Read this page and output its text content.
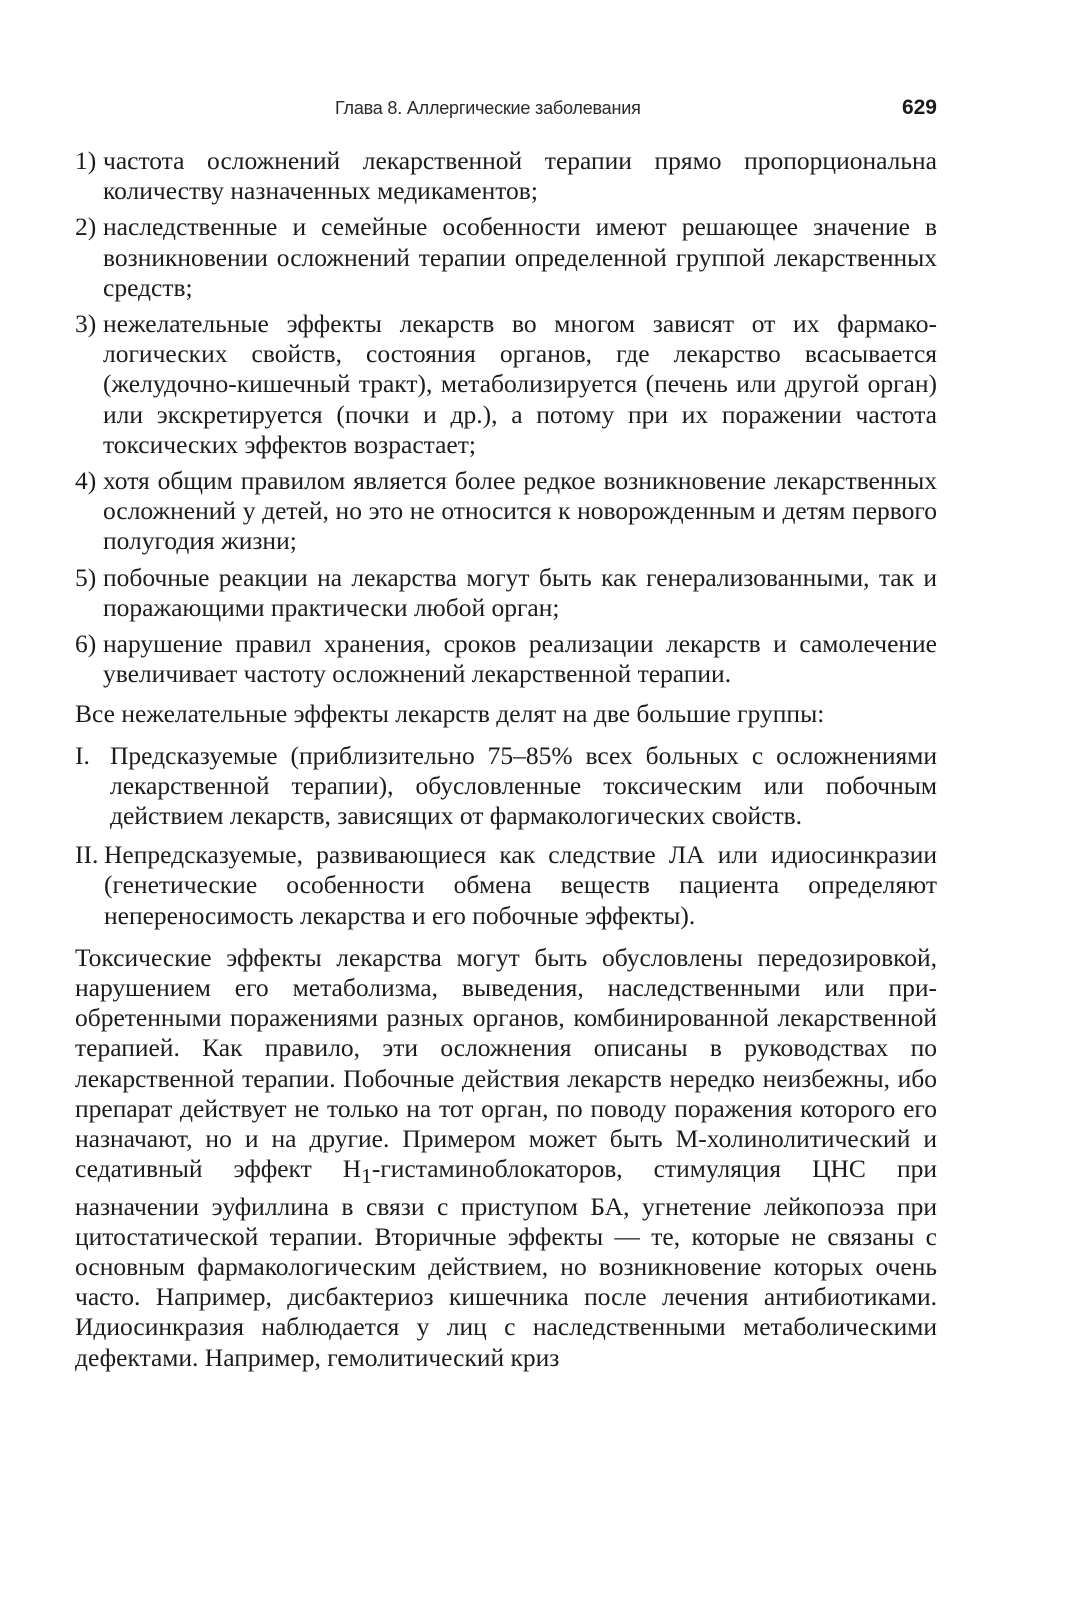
Глава 8. Аллергические заболевания	629
1) частота осложнений лекарственной терапии прямо пропорциональна количеству назначенных медикаментов;
2) наследственные и семейные особенности имеют решающее значение в возникновении осложнений терапии определенной группой лекарственных средств;
3) нежелательные эффекты лекарств во многом зависят от их фармакологических свойств, состояния органов, где лекарство всасывается (желудочно-кишечный тракт), метаболизируется (печень или другой орган) или экскретируется (почки и др.), а потому при их поражении частота токсических эффектов возрастает;
4) хотя общим правилом является более редкое возникновение лекарственных осложнений у детей, но это не относится к новорожденным и детям первого полугодия жизни;
5) побочные реакции на лекарства могут быть как генерализованными, так и поражающими практически любой орган;
6) нарушение правил хранения, сроков реализации лекарств и самолечение увеличивает частоту осложнений лекарственной терапии.

Все нежелательные эффекты лекарств делят на две большие группы:

I. Предсказуемые (приблизительно 75–85% всех больных с осложнениями лекарственной терапии), обусловленные токсическим или побочным действием лекарств, зависящих от фармакологических свойств.
II. Непредсказуемые, развивающиеся как следствие ЛА или идиосинкразии (генетические особенности обмена веществ пациента определяют непереносимость лекарства и его побочные эффекты).

Токсические эффекты лекарства могут быть обусловлены передозировкой, нарушением его метаболизма, выведения, наследственными или приобретенными поражениями разных органов, комбинированной лекарственной терапией. Как правило, эти осложнения описаны в руководствах по лекарственной терапии. Побочные действия лекарств нередко неизбежны, ибо препарат действует не только на тот орган, по поводу поражения которого его назначают, но и на другие. Примером может быть М-холинолитический и седативный эффект $Н_1$-гистаминоблокаторов, стимуляция ЦНС при назначении эуфиллина в связи с приступом БА, угнетение лейкопоэза при цитостатической терапии. Вторичные эффекты — те, которые не связаны с основным фармакологическим действием, но возникновение которых очень часто. Например, дисбактериоз кишечника после лечения антибиотиками. Идиосинкразия наблюдается у лиц с наследственными метаболическими дефектами. Например, гемолитический криз
